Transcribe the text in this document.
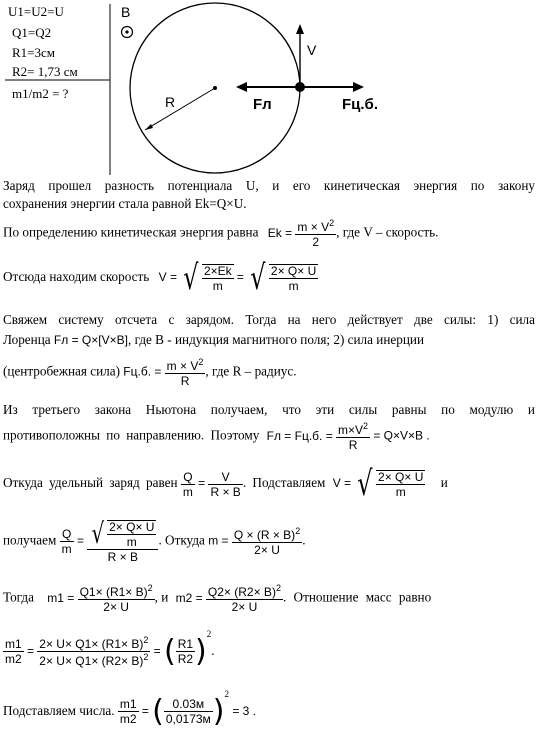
U1=U2=U
Q1=Q2
R1=3см
R2= 1,73 см
m1/m2 = ?
B
R
V
Fл	Fц.б.
Заряд прошел разность потенциала U, и его кинетическая энергия по закону
сохранения энергии стала равной Ek=Q×U.
По определению кинетическая энергия равна $Ek = \frac{m \times V^2}{2}$ , где V – скорость.
Отсюда находим скорость V = √ $\frac{2\times Ek}{m}$ = √ $\frac{2\times Q\times U}{m}$
Свяжем систему отсчета с зарядом. Тогда на него действует две силы: 1) сила
Лоренца Fл = Q×[V×B], где B - индукция магнитного поля; 2) сила инерции
(центробежная сила) Fц.б. = $\frac{m \times V^2}{R}$ , где R – радиус.
Из третьего закона Ньютона получаем, что эти силы равны по модулю и
противоположны по направлению. Поэтому Fл = Fц.б. = $\frac{m\times V^2}{R} = Q\times V\times B$ .
Откуда удельный заряд равен $\frac{Q}{m} = \frac{V}{R \times B}$ . Подставляем V = √ $\frac{2\times Q\times U}{m}$ и
получаем $\frac{Q}{m} = \frac{√ \frac{2\times Q\times U}{m}}{R \times B}$ . Откуда $m = \frac{Q \times (R \times B)^2}{2\times U}$ .
Тогда $m1 = \frac{Q1\times (R1\times B)^2}{2\times U}$ , и $m2 = \frac{Q2\times (R2\times B)^2}{2\times U}$ . Отношение масс равно
$\frac{m1}{m2} = \frac{2\times U\times Q1\times (R1\times B)^2}{2\times U\times Q1\times (R2\times B)^2}$ = ( $\frac{R1}{R2} )^2$.
Подставляем числа. $\frac{m1}{m2}$ = ( $\frac{0.03м}{0,0173м} )^2 = 3$ .
